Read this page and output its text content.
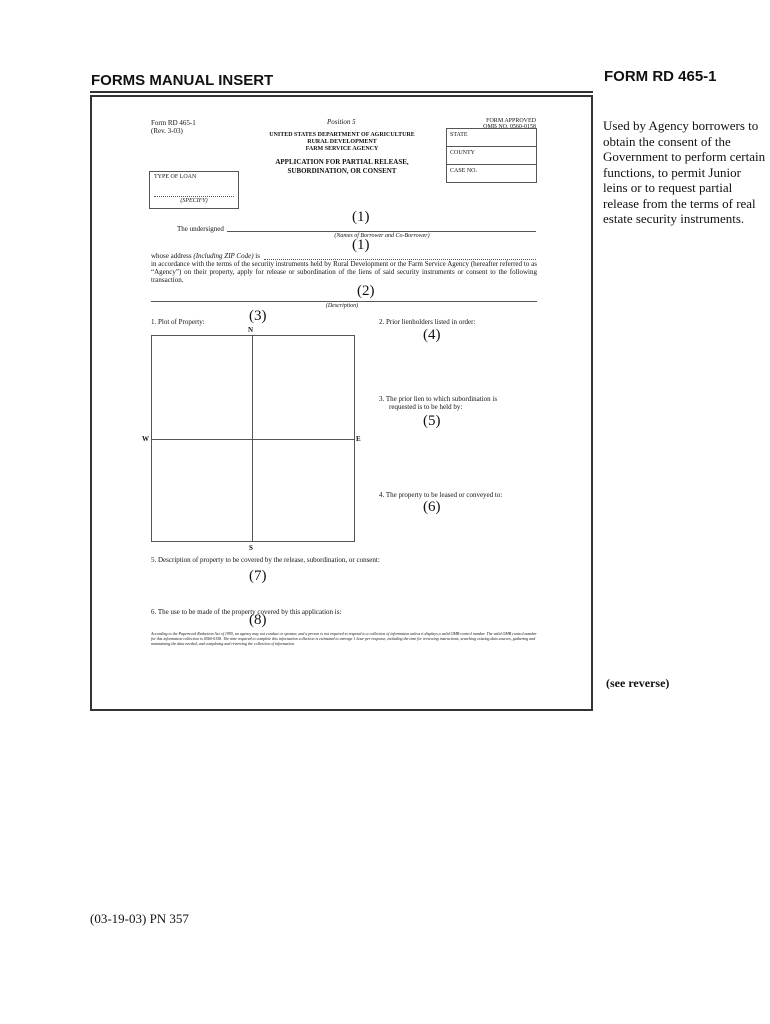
FORMS MANUAL INSERT	FORM RD 465-1
Used by Agency borrowers to obtain the consent of the Government to perform certain functions, to permit Junior leins or to request partial release from the terms of real estate security instruments.
(see reverse)
(03-19-03) PN 357
Form RD 465-1
(Rev. 3-03)
Position 5	FORM APPROVED
OMB NO. 0560-0158
UNITED STATES DEPARTMENT OF AGRICULTURE
RURAL DEVELOPMENT
FARM SERVICE AGENCY
APPLICATION FOR PARTIAL RELEASE,
SUBORDINATION, OR CONSENT
STATE
COUNTY
CASE NO.
TYPE OF LOAN
(SPECIFY)
(1)
The undersigned
(Names of Borrower and Co-Borrower)
(1)
whose address (Including ZIP Code) is
in accordance with the terms of the security instruments held by Rural Development or the Farm Service Agency (hereafter referred to as “Agency”) on their property, apply for release or subordination of the liens of said security instruments or consent to the following transaction.
(2)
(Description)
1. Plot of Property:	(3)
N
W	E
S
2. Prior lienholders listed in order:
(4)
3. The prior lien to which subordination is
requested is to be held by:
(5)
4. The property to be leased or conveyed to:
(6)
5. Description of property to be covered by the release, subordination, or consent:
(7)
6. The use to be made of the property covered by this application is:
(8)
According to the Paperwork Reduction Act of 1995, an agency may not conduct or sponsor, and a person is not required to respond to a collection of information unless it displays a valid OMB control number. The valid OMB control number for this information collection is 0560-0158. The time required to complete this information collection is estimated to average 1 hour per response, including the time for reviewing instructions, searching existing data sources, gathering and maintaining the data needed, and completing and reviewing the collection of information.
